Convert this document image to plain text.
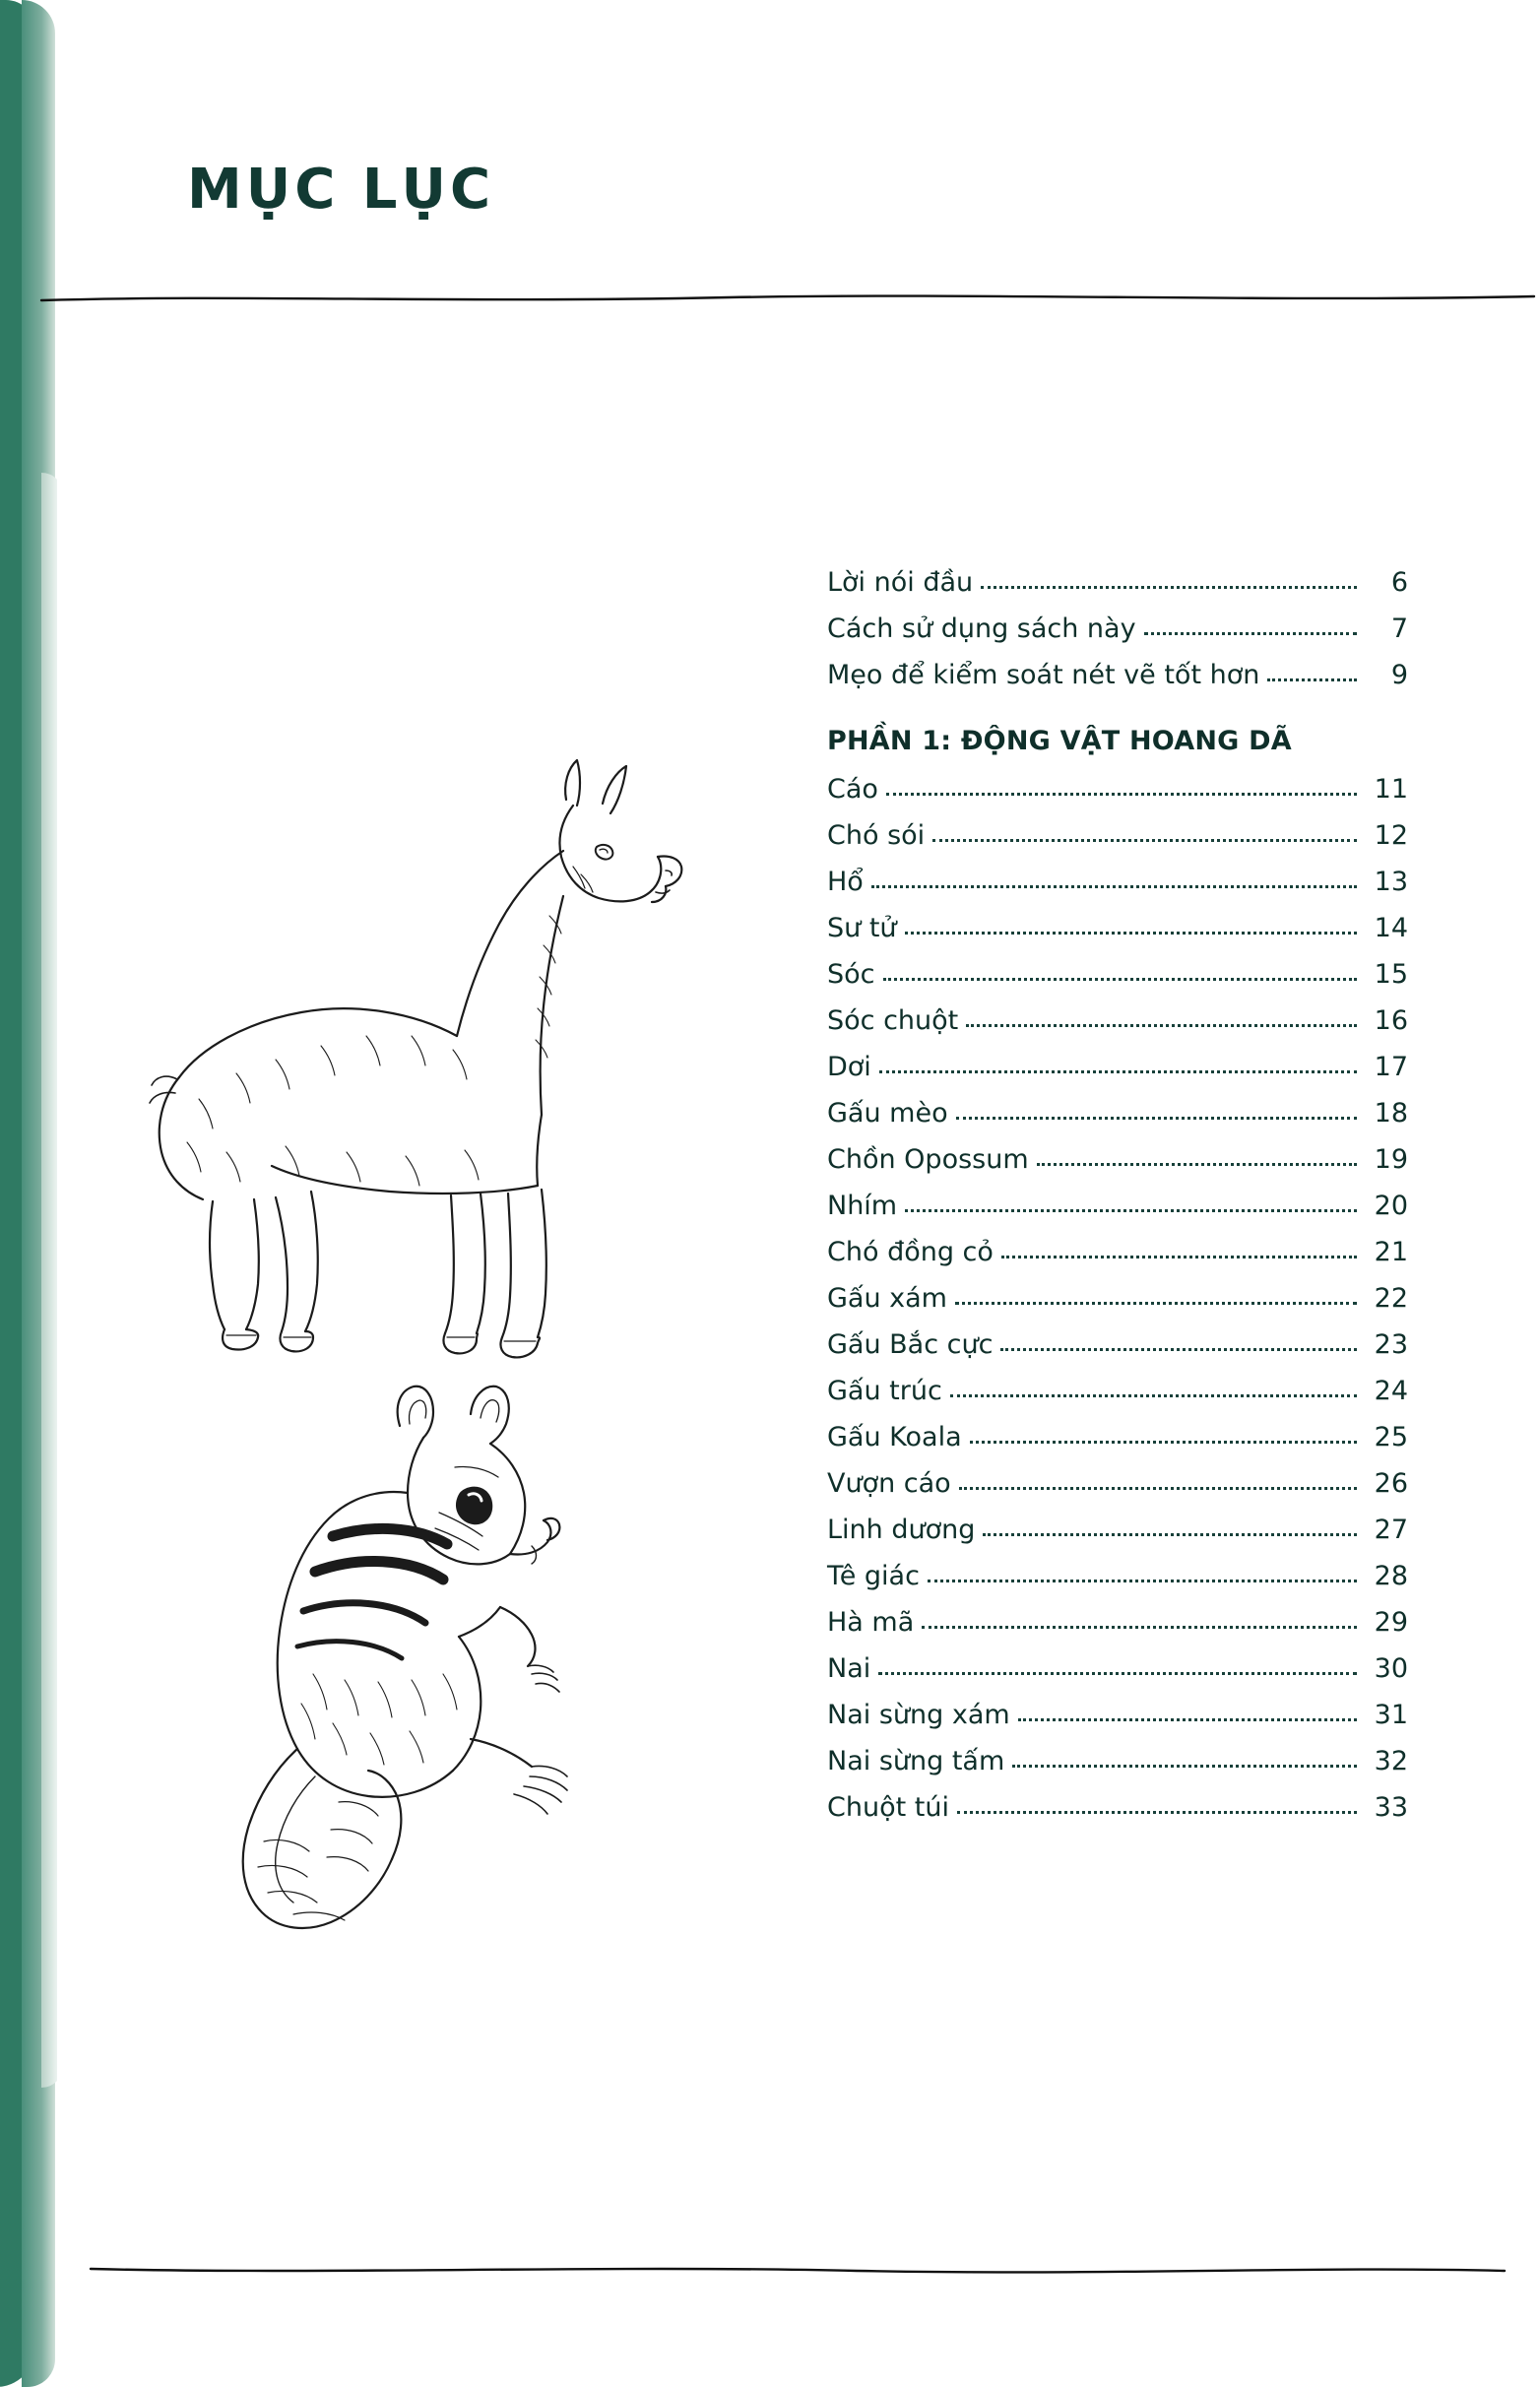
MỤC LỤC
Lời nói đầu	6
Cách sử dụng sách này	7
Mẹo để kiểm soát nét vẽ tốt hơn	9
PHẦN 1: ĐỘNG VẬT HOANG DÃ
Cáo	11
Chó sói	12
Hổ	13
Sư tử	14
Sóc	15
Sóc chuột	16
Dơi	17
Gấu mèo	18
Chồn Opossum	19
Nhím	20
Chó đồng cỏ	21
Gấu xám	22
Gấu Bắc cực	23
Gấu trúc	24
Gấu Koala	25
Vượn cáo	26
Linh dương	27
Tê giác	28
Hà mã	29
Nai	30
Nai sừng xám	31
Nai sừng tấm	32
Chuột túi	33
